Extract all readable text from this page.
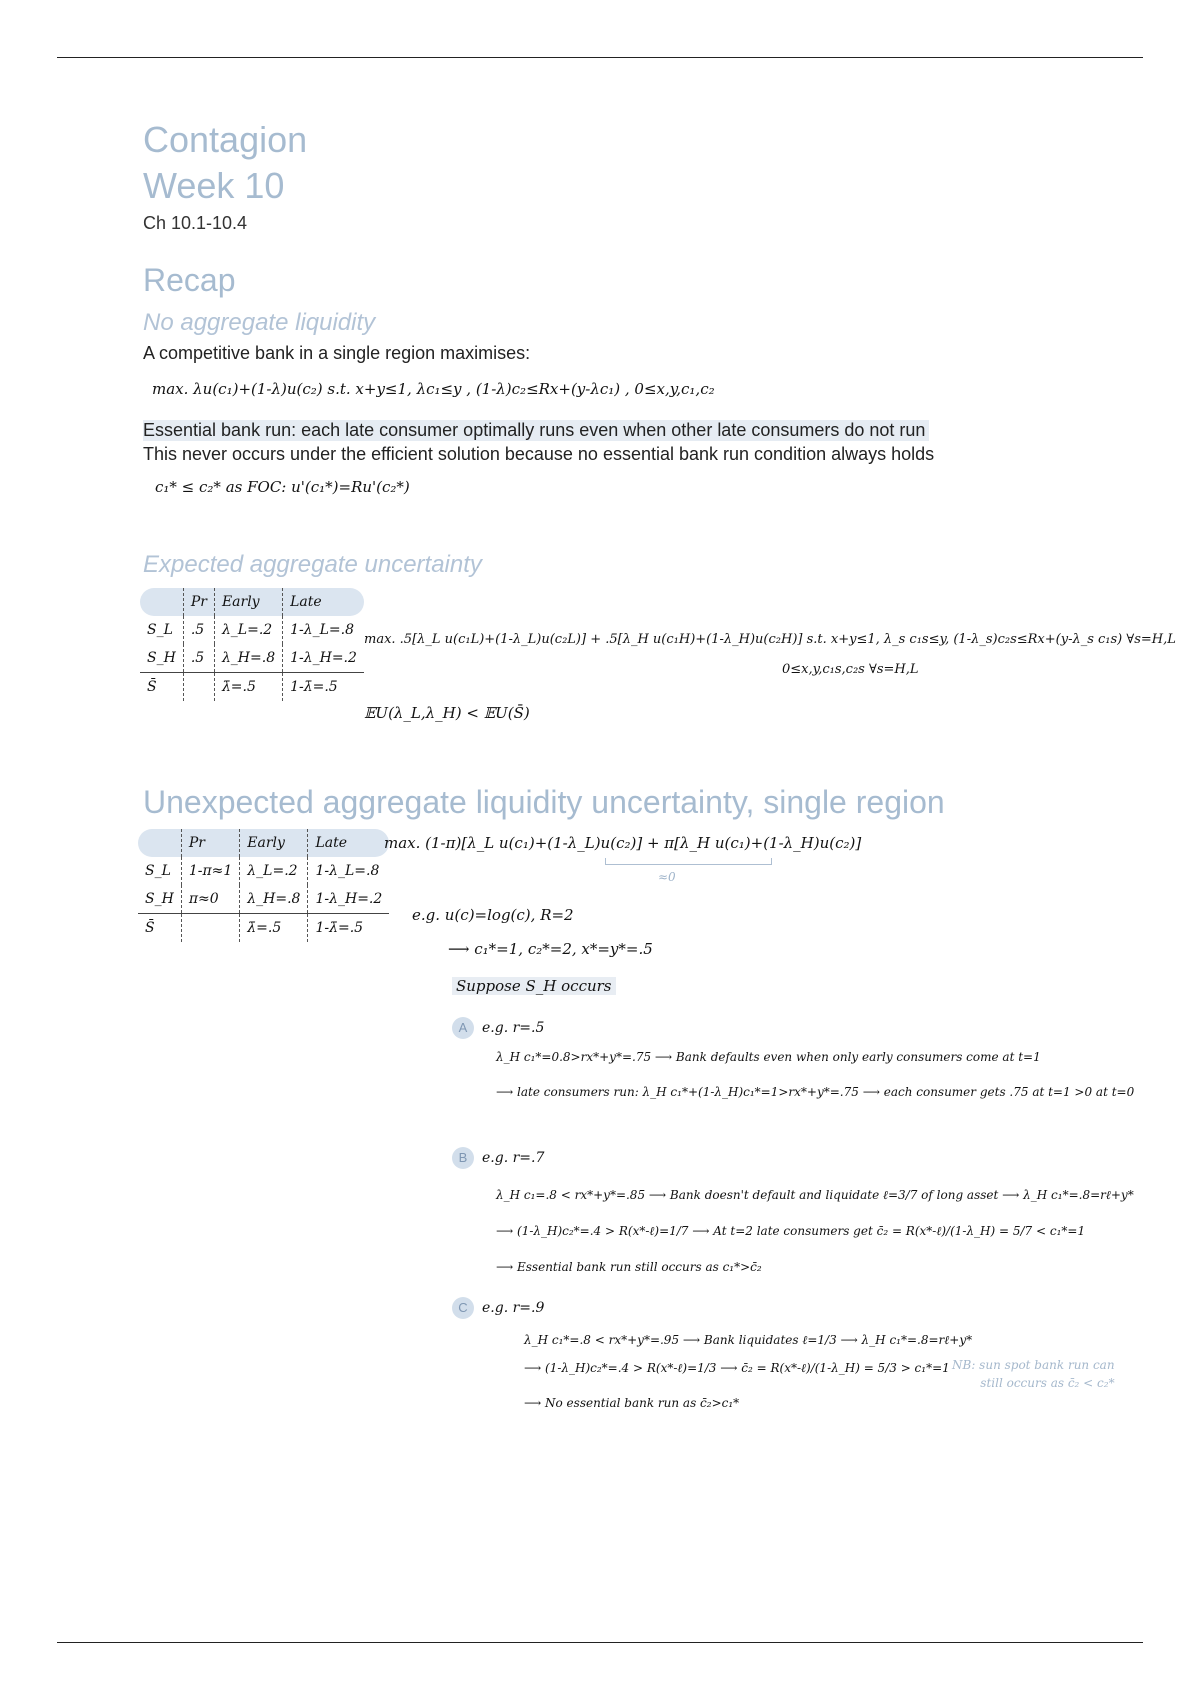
Contagion
Week 10
Ch 10.1-10.4
Recap
No aggregate liquidity
A competitive bank in a single region maximises:
max. λu(c₁)+(1-λ)u(c₂) s.t. x+y≤1, λc₁≤y , (1-λ)c₂≤Rx+(y-λc₁) , 0≤x,y,c₁,c₂
Essential bank run: each late consumer optimally runs even when other late consumers do not run
This never occurs under the efficient solution because no essential bank run condition always holds
c₁* ≤ c₂* as FOC: u'(c₁*)=Ru'(c₂*)
Expected aggregate uncertainty
	Pr	Early	Late
S_L	.5	λ_L=.2	1-λ_L=.8
S_H	.5	λ_H=.8	1-λ_H=.2
S̄		λ̄=.5	1-λ̄=.5
max. .5[λ_L u(c₁L)+(1-λ_L)u(c₂L)] + .5[λ_H u(c₁H)+(1-λ_H)u(c₂H)] s.t. x+y≤1, λ_s c₁s≤y, (1-λ_s)c₂s≤Rx+(y-λ_s c₁s) ∀s=H,L
0≤x,y,c₁s,c₂s ∀s=H,L
𝔼U(λ_L,λ_H) < 𝔼U(S̄)
Unexpected aggregate liquidity uncertainty, single region
	Pr	Early	Late
S_L	1-π≈1	λ_L=.2	1-λ_L=.8
S_H	π≈0	λ_H=.8	1-λ_H=.2
S̄		λ̄=.5	1-λ̄=.5
max. (1-π)[λ_L u(c₁)+(1-λ_L)u(c₂)] + π[λ_H u(c₁)+(1-λ_H)u(c₂)]
≈0
e.g. u(c)=log(c), R=2
⟶ c₁*=1, c₂*=2, x*=y*=.5
Suppose S_H occurs
A e.g. r=.5
λ_H c₁*=0.8>rx*+y*=.75 ⟶ Bank defaults even when only early consumers come at t=1
⟶ late consumers run: λ_H c₁*+(1-λ_H)c₁*=1>rx*+y*=.75 ⟶ each consumer gets .75 at t=1 >0 at t=0
B e.g. r=.7
λ_H c₁=.8 < rx*+y*=.85 ⟶ Bank doesn't default and liquidate ℓ=3/7 of long asset ⟶ λ_H c₁*=.8=rℓ+y*
⟶ (1-λ_H)c₂*=.4 > R(x*-ℓ)=1/7 ⟶ At t=2 late consumers get c̄₂ = R(x*-ℓ)/(1-λ_H) = 5/7 < c₁*=1
⟶ Essential bank run still occurs as c₁*>c̄₂
C e.g. r=.9
λ_H c₁*=.8 < rx*+y*=.95 ⟶ Bank liquidates ℓ=1/3 ⟶ λ_H c₁*=.8=rℓ+y*
⟶ (1-λ_H)c₂*=.4 > R(x*-ℓ)=1/3 ⟶ c̄₂ = R(x*-ℓ)/(1-λ_H) = 5/3 > c₁*=1
⟶ No essential bank run as c̄₂>c₁*
NB: sun spot bank run can
still occurs as c̄₂ < c₂*
